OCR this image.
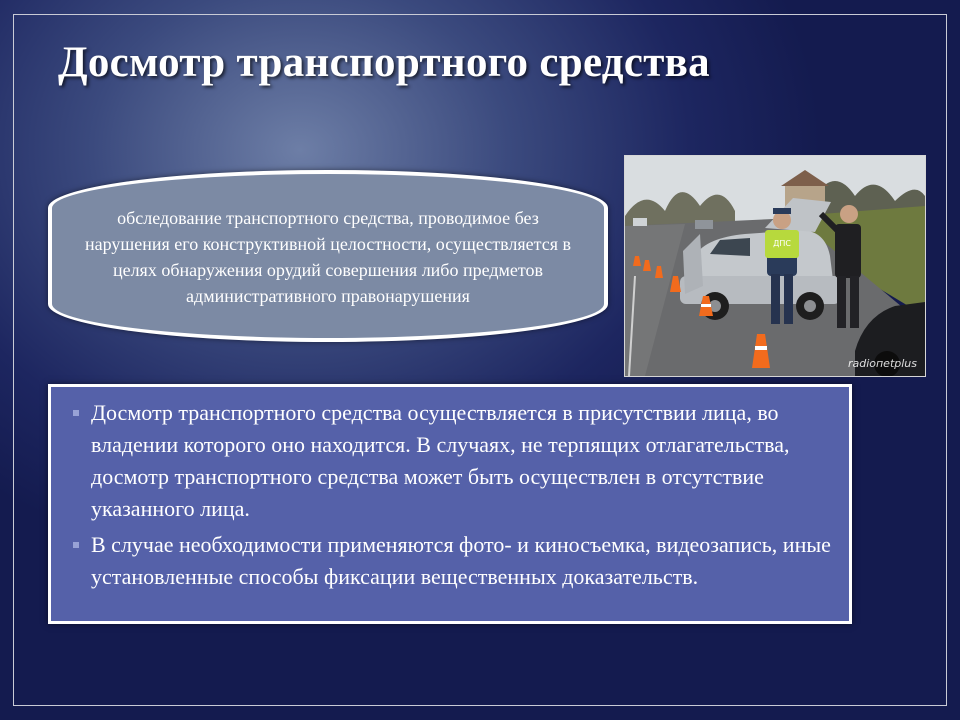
Досмотр транспортного средства
обследование транспортного средства, проводимое без нарушения его конструктивной целостности, осуществляется в целях обнаружения орудий совершения либо предметов административного правонарушения
ДПС
radiопetplus
Досмотр транспортного средства осуществляется в присутствии лица, во владении которого оно находится. В случаях, не терпящих отлагательства, досмотр транспортного средства может быть осуществлен в отсутствие указанного лица.
В случае необходимости применяются фото- и киносъемка, видеозапись, иные установленные способы фиксации вещественных доказательств.
